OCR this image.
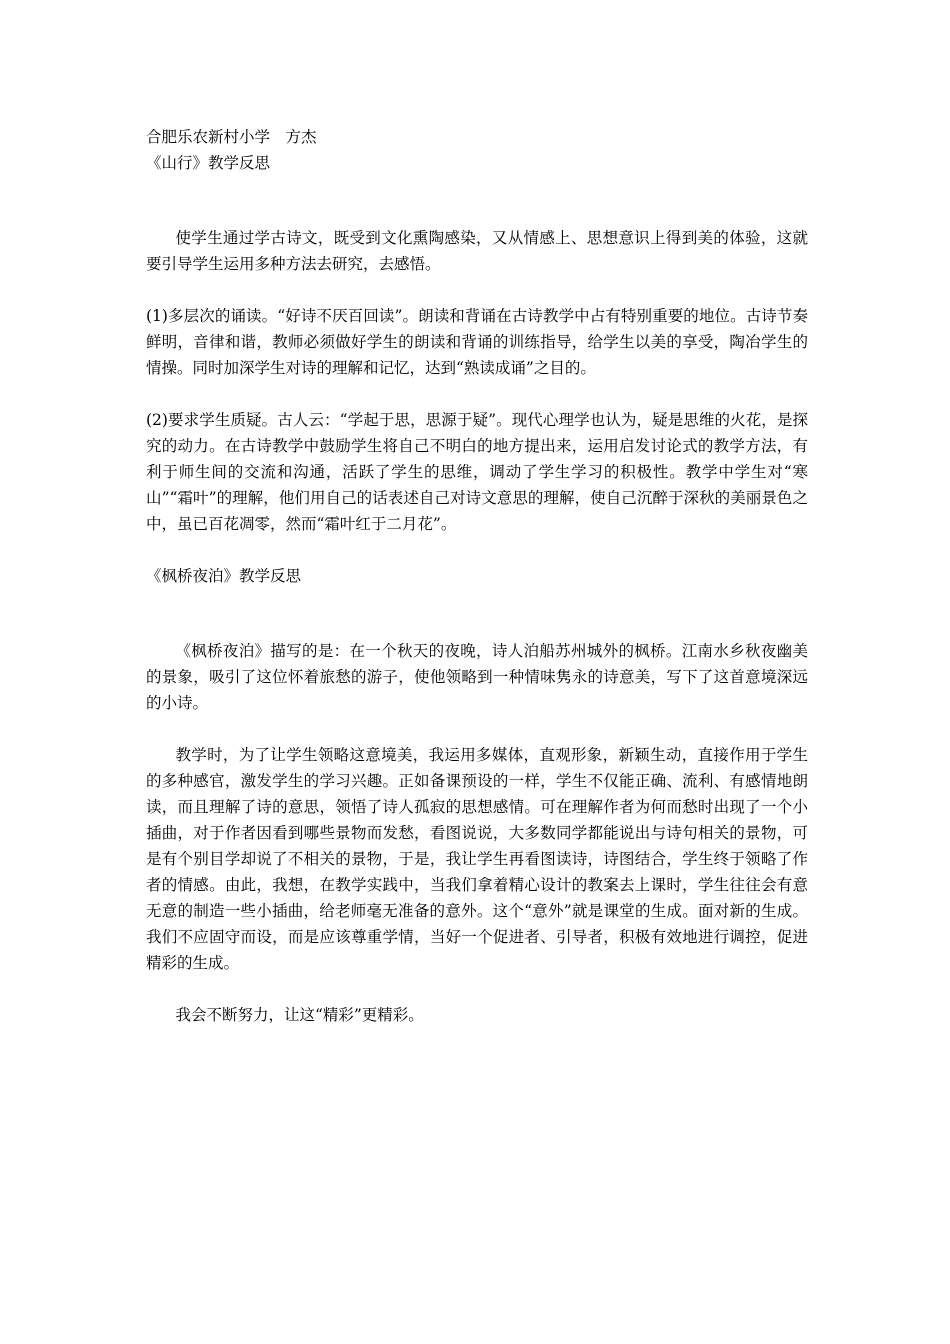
合肥乐农新村小学　方杰

《山行》教学反思

使学生通过学古诗文，既受到文化熏陶感染，又从情感上、思想意识上得到美的体验，这就要引导学生运用多种方法去研究，去感悟。

(1)多层次的诵读。“好诗不厌百回读”。朗读和背诵在古诗教学中占有特别重要的地位。古诗节奏鲜明，音律和谐，教师必须做好学生的朗读和背诵的训练指导，给学生以美的享受，陶冶学生的情操。同时加深学生对诗的理解和记忆，达到“熟读成诵”之目的。

(2)要求学生质疑。古人云：“学起于思，思源于疑”。现代心理学也认为，疑是思维的火花，是探究的动力。在古诗教学中鼓励学生将自己不明白的地方提出来，运用启发讨论式的教学方法，有利于师生间的交流和沟通，活跃了学生的思维，调动了学生学习的积极性。教学中学生对“寒山”“霜叶”的理解，他们用自己的话表述自己对诗文意思的理解，使自己沉醉于深秋的美丽景色之中，虽已百花凋零，然而“霜叶红于二月花”。

《枫桥夜泊》教学反思

《枫桥夜泊》描写的是：在一个秋天的夜晚，诗人泊船苏州城外的枫桥。江南水乡秋夜幽美的景象，吸引了这位怀着旅愁的游子，使他领略到一种情味隽永的诗意美，写下了这首意境深远的小诗。

教学时，为了让学生领略这意境美，我运用多媒体，直观形象，新颖生动，直接作用于学生的多种感官，激发学生的学习兴趣。正如备课预设的一样，学生不仅能正确、流利、有感情地朗读，而且理解了诗的意思，领悟了诗人孤寂的思想感情。可在理解作者为何而愁时出现了一个小插曲，对于作者因看到哪些景物而发愁，看图说说，大多数同学都能说出与诗句相关的景物，可是有个别目学却说了不相关的景物，于是，我让学生再看图读诗，诗图结合，学生终于领略了作者的情感。由此，我想，在教学实践中，当我们拿着精心设计的教案去上课时，学生往往会有意无意的制造一些小插曲，给老师毫无准备的意外。这个“意外”就是课堂的生成。面对新的生成。我们不应固守而设，而是应该尊重学情，当好一个促进者、引导者，积极有效地进行调控，促进精彩的生成。

我会不断努力，让这“精彩”更精彩。
